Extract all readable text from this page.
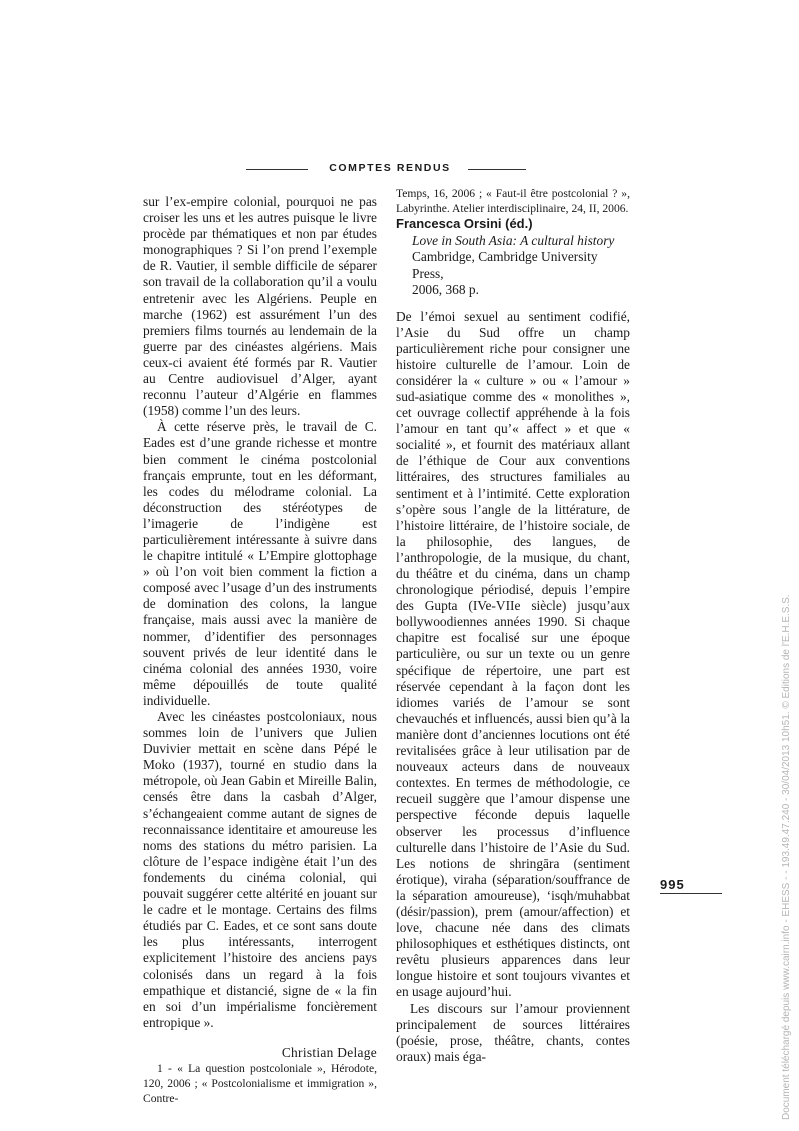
COMPTES RENDUS

sur l’ex-empire colonial, pourquoi ne pas croiser les uns et les autres puisque le livre procède par thématiques et non par études monographiques ? Si l’on prend l’exemple de R. Vautier, il semble difficile de séparer son travail de la collaboration qu’il a voulu entretenir avec les Algériens. Peuple en marche (1962) est assurément l’un des premiers films tournés au lendemain de la guerre par des cinéastes algériens. Mais ceux-ci avaient été formés par R. Vautier au Centre audiovisuel d’Alger, ayant reconnu l’auteur d’Algérie en flammes (1958) comme l’un des leurs.

À cette réserve près, le travail de C. Eades est d’une grande richesse et montre bien comment le cinéma postcolonial français emprunte, tout en les déformant, les codes du mélodrame colonial. La déconstruction des stéréotypes de l’imagerie de l’indigène est particulièrement intéressante à suivre dans le chapitre intitulé « L’Empire glottophage » où l’on voit bien comment la fiction a composé avec l’usage d’un des instruments de domination des colons, la langue française, mais aussi avec la manière de nommer, d’identifier des personnages souvent privés de leur identité dans le cinéma colonial des années 1930, voire même dépouillés de toute qualité individuelle.

Avec les cinéastes postcoloniaux, nous sommes loin de l’univers que Julien Duvivier mettait en scène dans Pépé le Moko (1937), tourné en studio dans la métropole, où Jean Gabin et Mireille Balin, censés être dans la casbah d’Alger, s’échangeaient comme autant de signes de reconnaissance identitaire et amoureuse les noms des stations du métro parisien. La clôture de l’espace indigène était l’un des fondements du cinéma colonial, qui pouvait suggérer cette altérité en jouant sur le cadre et le montage. Certains des films étudiés par C. Eades, et ce sont sans doute les plus intéressants, interrogent explicitement l’histoire des anciens pays colonisés dans un regard à la fois empathique et distancié, signe de « la fin en soi d’un impérialisme foncièrement entropique ».

Christian Delage

1 - « La question postcoloniale », Hérodote, 120, 2006 ; « Postcolonialisme et immigration », Contre-

Temps, 16, 2006 ; « Faut-il être postcolonial ? », Labyrinthe. Atelier interdisciplinaire, 24, II, 2006.

Francesca Orsini (éd.)
Love in South Asia: A cultural history
Cambridge, Cambridge University Press,
2006, 368 p.

De l’émoi sexuel au sentiment codifié, l’Asie du Sud offre un champ particulièrement riche pour consigner une histoire culturelle de l’amour. Loin de considérer la « culture » ou « l’amour » sud-asiatique comme des « monolithes », cet ouvrage collectif appréhende à la fois l’amour en tant qu’« affect » et que « socialité », et fournit des matériaux allant de l’éthique de Cour aux conventions littéraires, des structures familiales au sentiment et à l’intimité. Cette exploration s’opère sous l’angle de la littérature, de l’histoire littéraire, de l’histoire sociale, de la philosophie, des langues, de l’anthropologie, de la musique, du chant, du théâtre et du cinéma, dans un champ chronologique périodisé, depuis l’empire des Gupta (IVe-VIIe siècle) jusqu’aux bollywoodiennes années 1990. Si chaque chapitre est focalisé sur une époque particulière, ou sur un texte ou un genre spécifique de répertoire, une part est réservée cependant à la façon dont les idiomes variés de l’amour se sont chevauchés et influencés, aussi bien qu’à la manière dont d’anciennes locutions ont été revitalisées grâce à leur utilisation par de nouveaux acteurs dans de nouveaux contextes. En termes de méthodologie, ce recueil suggère que l’amour dispense une perspective féconde depuis laquelle observer les processus d’influence culturelle dans l’histoire de l’Asie du Sud. Les notions de shringāra (sentiment érotique), viraha (séparation/souffrance de la séparation amoureuse), ‘isqh/muhabbat (désir/passion), prem (amour/affection) et love, chacune née dans des climats philosophiques et esthétiques distincts, ont revêtu plusieurs apparences dans leur longue histoire et sont toujours vivantes et en usage aujourd’hui.

Les discours sur l’amour proviennent principalement de sources littéraires (poésie, prose, théâtre, chants, contes oraux) mais éga-

995	Document téléchargé depuis www.cairn.info - EHESS - - 193.49.47.240 - 30/04/2013 10h51. © Editions de l'E.H.E.S.S.
